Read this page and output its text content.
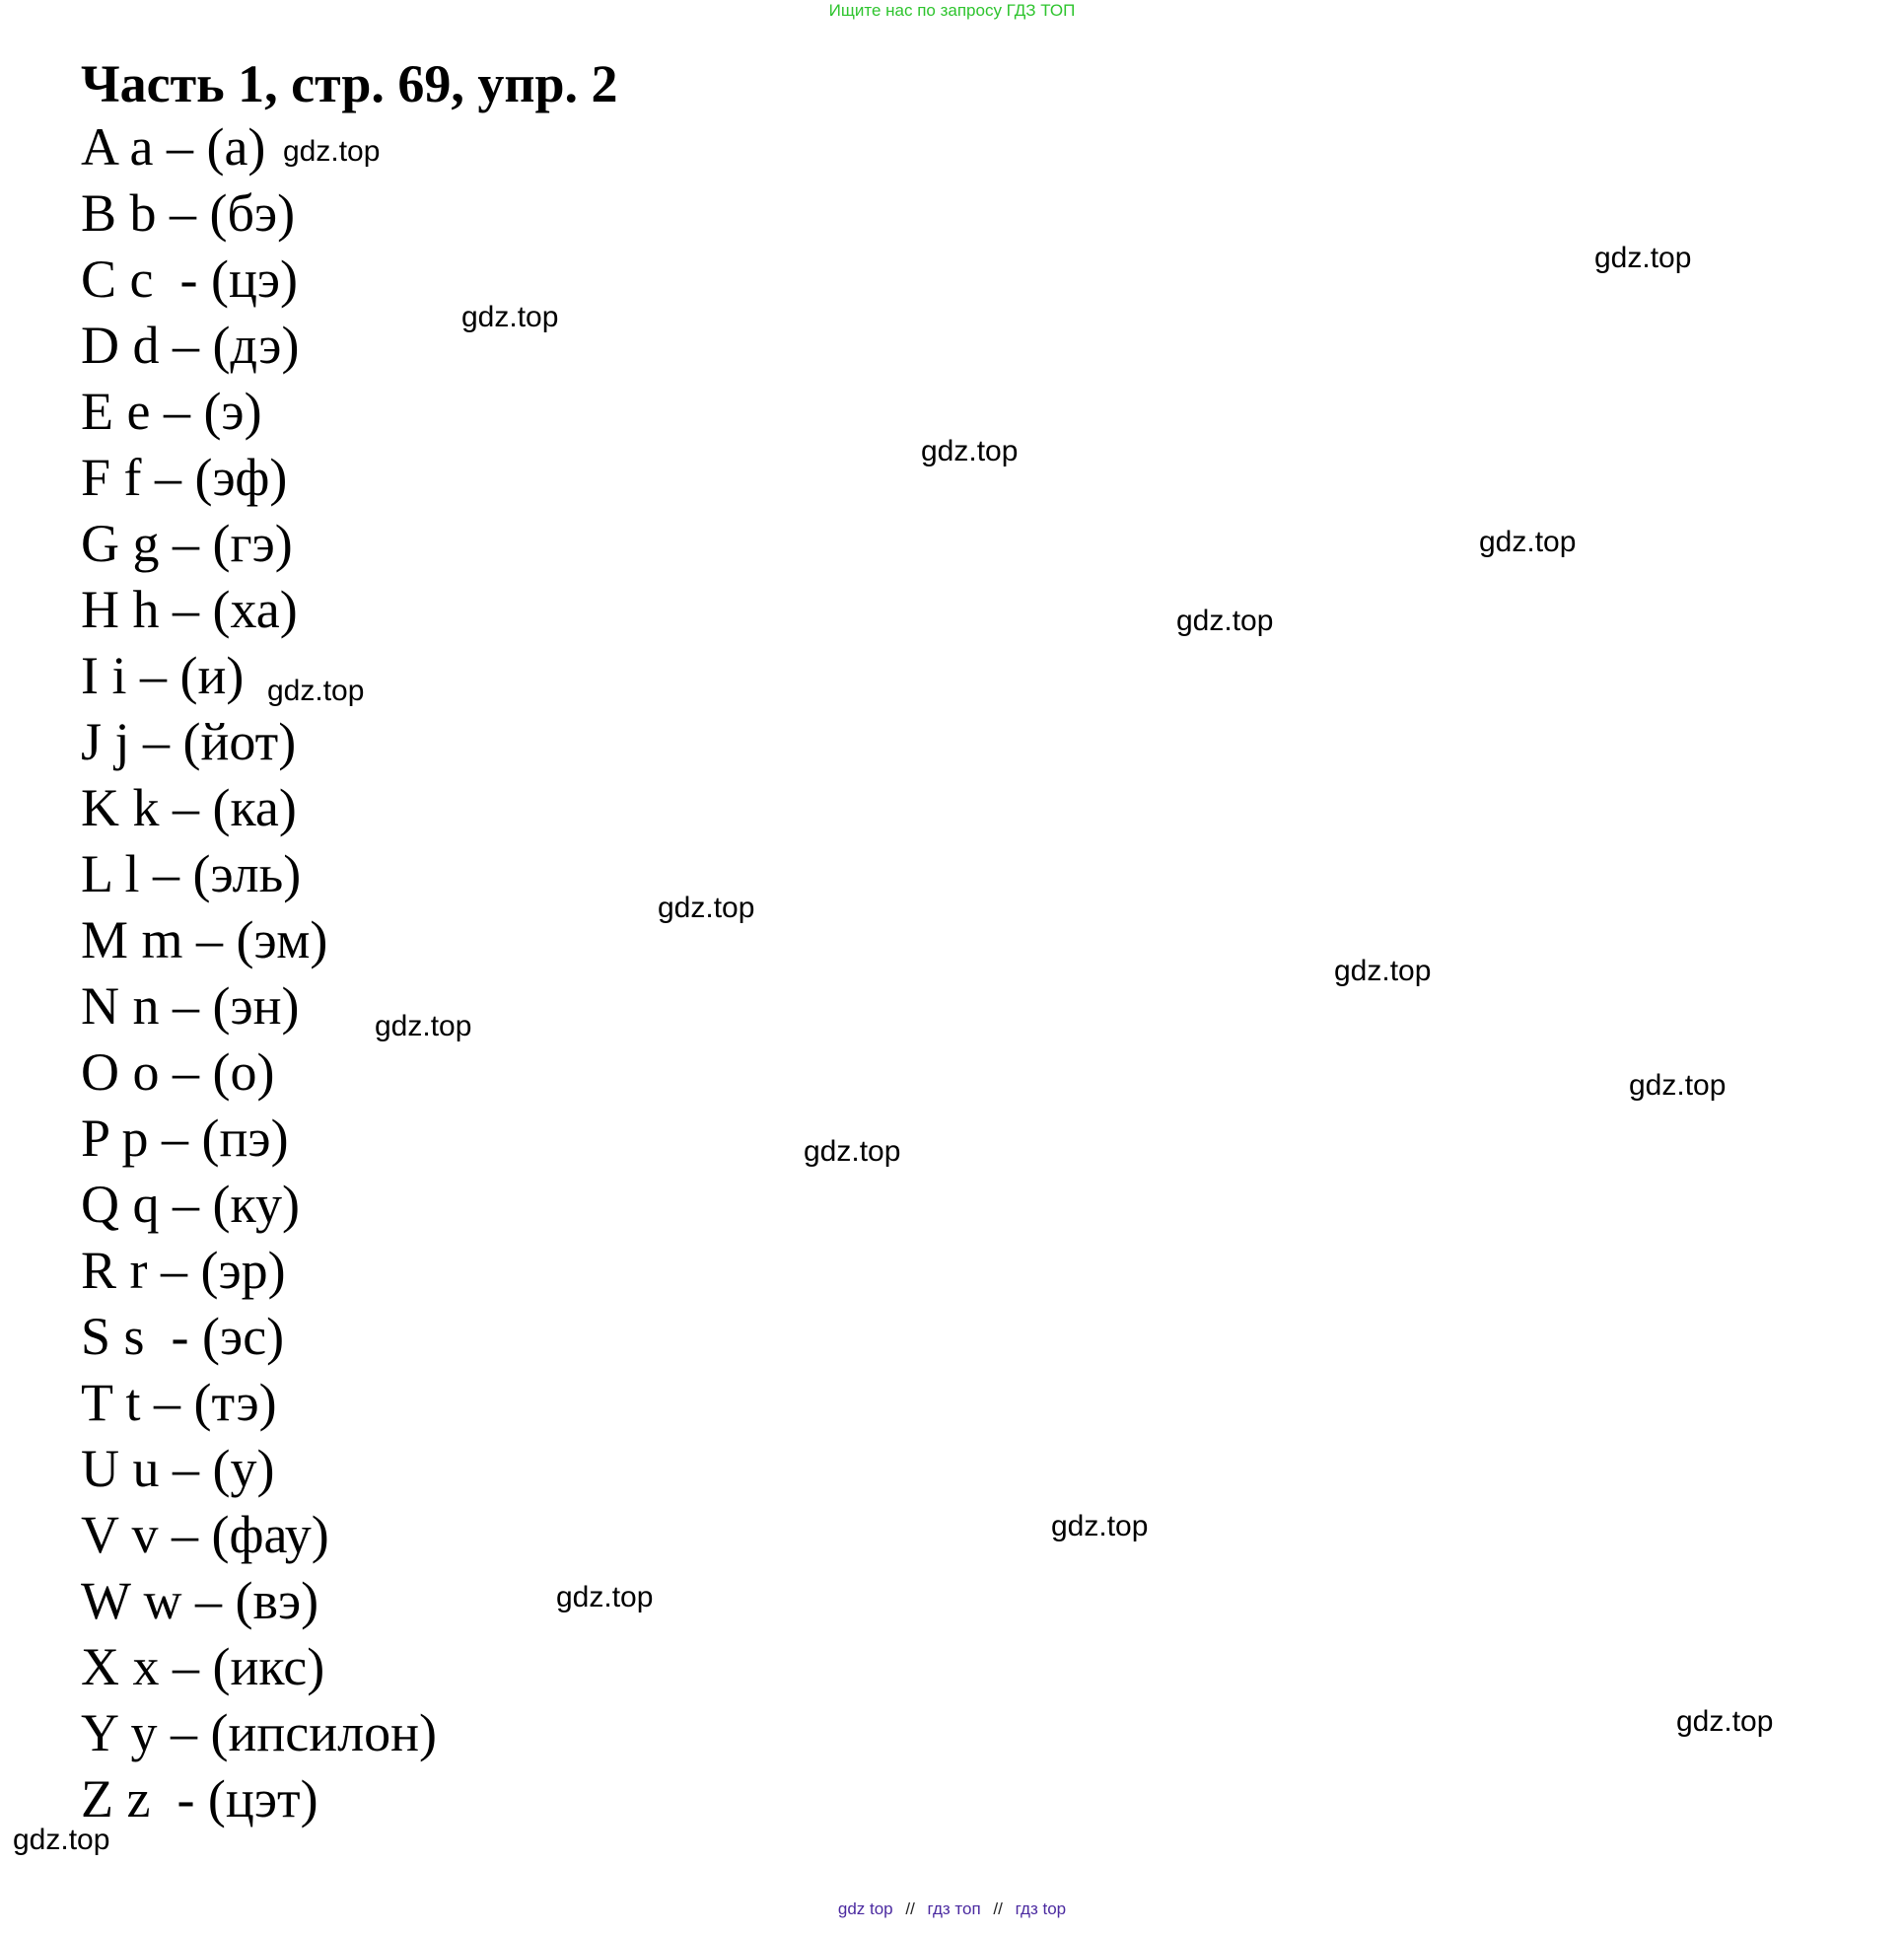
Ищите нас по запросу ГДЗ ТОП
Часть 1, стр. 69, упр. 2
A a – (а)
B b – (бэ)
C c  - (цэ)
D d – (дэ)
E e – (э)
F f – (эф)
G g – (гэ)
H h – (ха)
I i – (и)
J j – (йот)
K k – (ка)
L l – (эль)
M m – (эм)
N n – (эн)
O o – (о)
P p – (пэ)
Q q – (ку)
R r – (эр)
S s  - (эс)
T t – (тэ)
U u – (у)
V v – (фау)
W w – (вэ)
X x – (икс)
Y y – (ипсилон)
Z z  - (цэт)
gdz.top
gdz.top
gdz.top
gdz.top
gdz.top
gdz.top
gdz.top
gdz.top
gdz.top
gdz.top
gdz.top
gdz.top
gdz.top
gdz.top
gdz.top
gdz.top
gdz top // гдз топ // гдз top
